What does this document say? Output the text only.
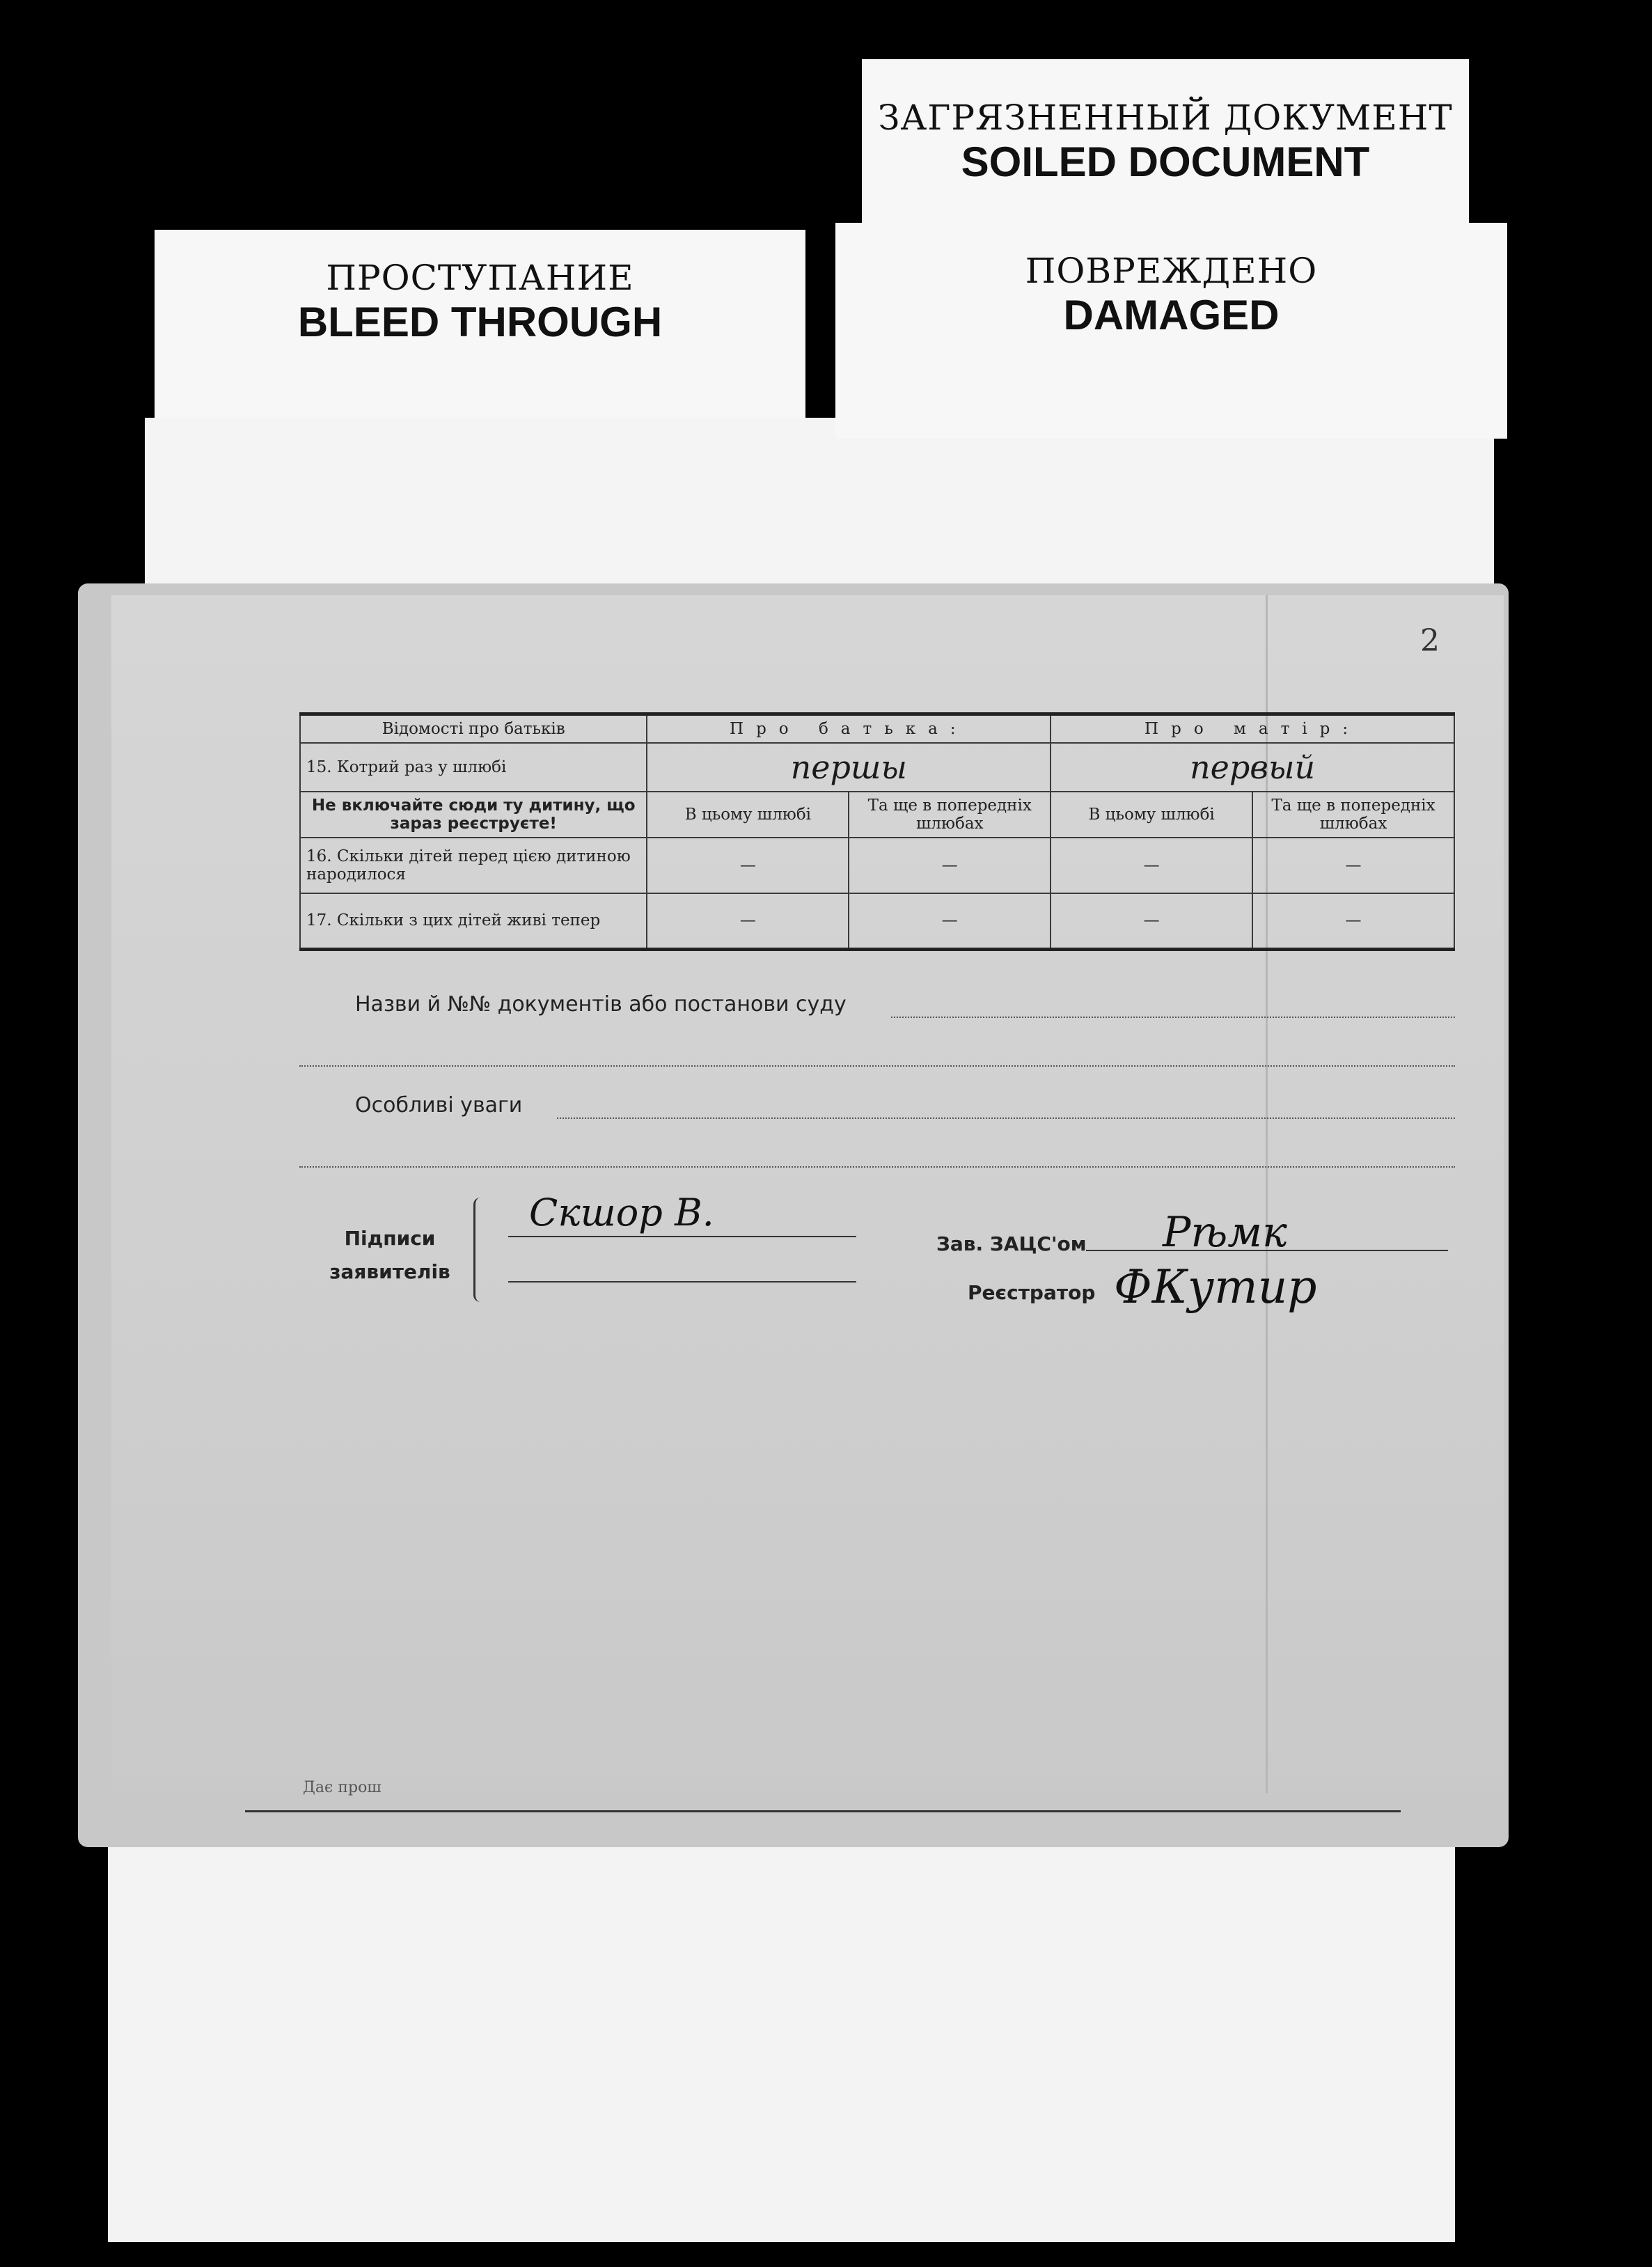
ПРОСТУПАНИЕ
BLEED THROUGH
ПОВРЕЖДЕНО
DAMAGED
ЗАГРЯЗНЕННЫЙ ДОКУМЕНТ
SOILED DOCUMENT
2
Відомості про батьків	Про батька:		Про матір:	
15. Котрий раз у шлюбі	першы		первый	
Не включайте сюди ту дитину, що зараз реєструєте!	В цьому шлюбі	Та ще в попередніх шлюбах	В цьому шлюбі	Та ще в попередніх шлюбах
16. Скільки дітей перед цією дитиною народилося	—	—	—	—
17. Скільки з цих дітей живі тепер	—	—	—	—
Назви й №№ документів або постанови суду
Особливі уваги
Підписи заявителів
Скшор В.
Зав. ЗАЦС'ом Рѣмк
Реєстратор ФКутир
Дає прош
